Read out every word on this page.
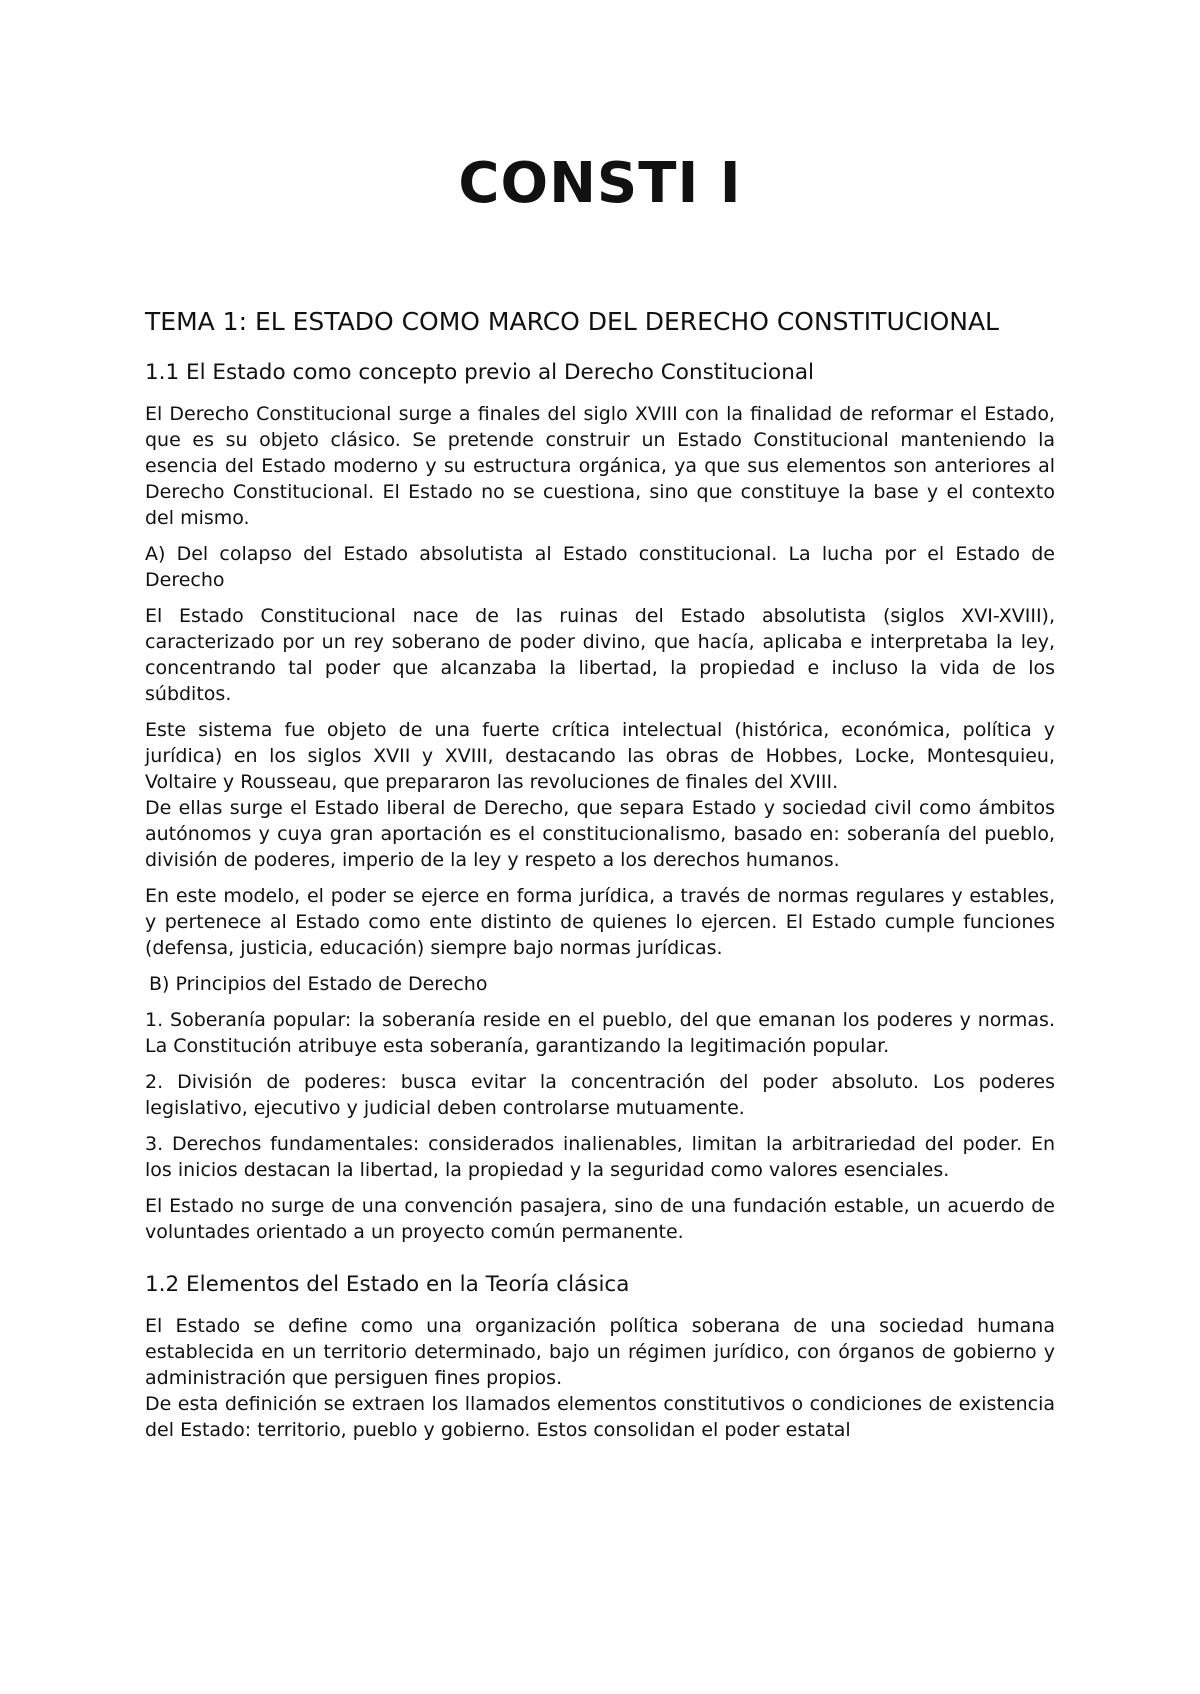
CONSTI I
TEMA 1: EL ESTADO COMO MARCO DEL DERECHO CONSTITUCIONAL
1.1 El Estado como concepto previo al Derecho Constitucional

El Derecho Constitucional surge a finales del siglo XVIII con la finalidad de reformar el Estado, que es su objeto clásico. Se pretende construir un Estado Constitucional manteniendo la esencia del Estado moderno y su estructura orgánica, ya que sus elementos son anteriores al Derecho Constitucional. El Estado no se cuestiona, sino que constituye la base y el contexto del mismo.

A) Del colapso del Estado absolutista al Estado constitucional. La lucha por el Estado de Derecho

El Estado Constitucional nace de las ruinas del Estado absolutista (siglos XVI-XVIII), caracterizado por un rey soberano de poder divino, que hacía, aplicaba e interpretaba la ley, concentrando tal poder que alcanzaba la libertad, la propiedad e incluso la vida de los súbditos.

Este sistema fue objeto de una fuerte crítica intelectual (histórica, económica, política y jurídica) en los siglos XVII y XVIII, destacando las obras de Hobbes, Locke, Montesquieu, Voltaire y Rousseau, que prepararon las revoluciones de finales del XVIII.

De ellas surge el Estado liberal de Derecho, que separa Estado y sociedad civil como ámbitos autónomos y cuya gran aportación es el constitucionalismo, basado en: soberanía del pueblo, división de poderes, imperio de la ley y respeto a los derechos humanos.

En este modelo, el poder se ejerce en forma jurídica, a través de normas regulares y estables, y pertenece al Estado como ente distinto de quienes lo ejercen. El Estado cumple funciones (defensa, justicia, educación) siempre bajo normas jurídicas.

B) Principios del Estado de Derecho

1. Soberanía popular: la soberanía reside en el pueblo, del que emanan los poderes y normas. La Constitución atribuye esta soberanía, garantizando la legitimación popular.

2. División de poderes: busca evitar la concentración del poder absoluto. Los poderes legislativo, ejecutivo y judicial deben controlarse mutuamente.

3. Derechos fundamentales: considerados inalienables, limitan la arbitrariedad del poder. En los inicios destacan la libertad, la propiedad y la seguridad como valores esenciales.

El Estado no surge de una convención pasajera, sino de una fundación estable, un acuerdo de voluntades orientado a un proyecto común permanente.

1.2 Elementos del Estado en la Teoría clásica

El Estado se define como una organización política soberana de una sociedad humana establecida en un territorio determinado, bajo un régimen jurídico, con órganos de gobierno y administración que persiguen fines propios.

De esta definición se extraen los llamados elementos constitutivos o condiciones de existencia del Estado: territorio, pueblo y gobierno. Estos consolidan el poder estatal
